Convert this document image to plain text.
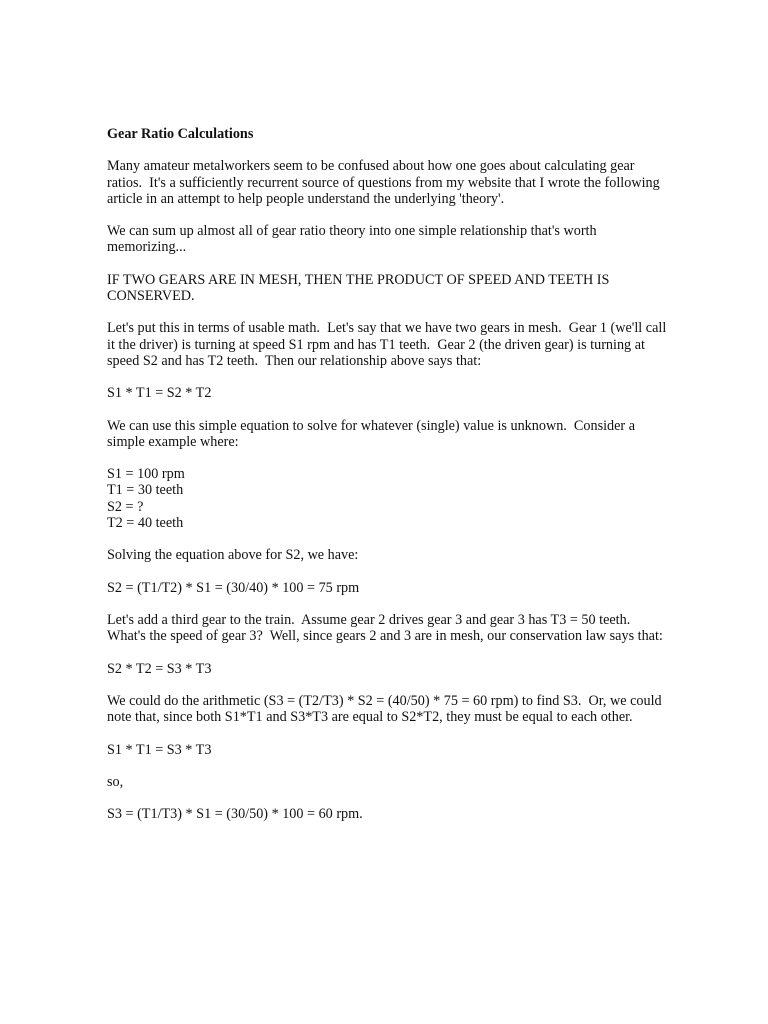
Gear Ratio Calculations

Many amateur metalworkers seem to be confused about how one goes about calculating gear ratios.  It's a sufficiently recurrent source of questions from my website that I wrote the following article in an attempt to help people understand the underlying 'theory'.

We can sum up almost all of gear ratio theory into one simple relationship that's worth memorizing...

IF TWO GEARS ARE IN MESH, THEN THE PRODUCT OF SPEED AND TEETH IS CONSERVED.

Let's put this in terms of usable math.  Let's say that we have two gears in mesh.  Gear 1 (we'll call it the driver) is turning at speed S1 rpm and has T1 teeth.  Gear 2 (the driven gear) is turning at speed S2 and has T2 teeth.  Then our relationship above says that:

S1 * T1 = S2 * T2

We can use this simple equation to solve for whatever (single) value is unknown.  Consider a simple example where:

S1 = 100 rpm
T1 = 30 teeth
S2 = ?
T2 = 40 teeth

Solving the equation above for S2, we have:

S2 = (T1/T2) * S1 = (30/40) * 100 = 75 rpm

Let's add a third gear to the train.  Assume gear 2 drives gear 3 and gear 3 has T3 = 50 teeth.  What's the speed of gear 3?  Well, since gears 2 and 3 are in mesh, our conservation law says that:

S2 * T2 = S3 * T3

We could do the arithmetic (S3 = (T2/T3) * S2 = (40/50) * 75 = 60 rpm) to find S3.  Or, we could note that, since both S1*T1 and S3*T3 are equal to S2*T2, they must be equal to each other.

S1 * T1 = S3 * T3

so,

S3 = (T1/T3) * S1 = (30/50) * 100 = 60 rpm.
